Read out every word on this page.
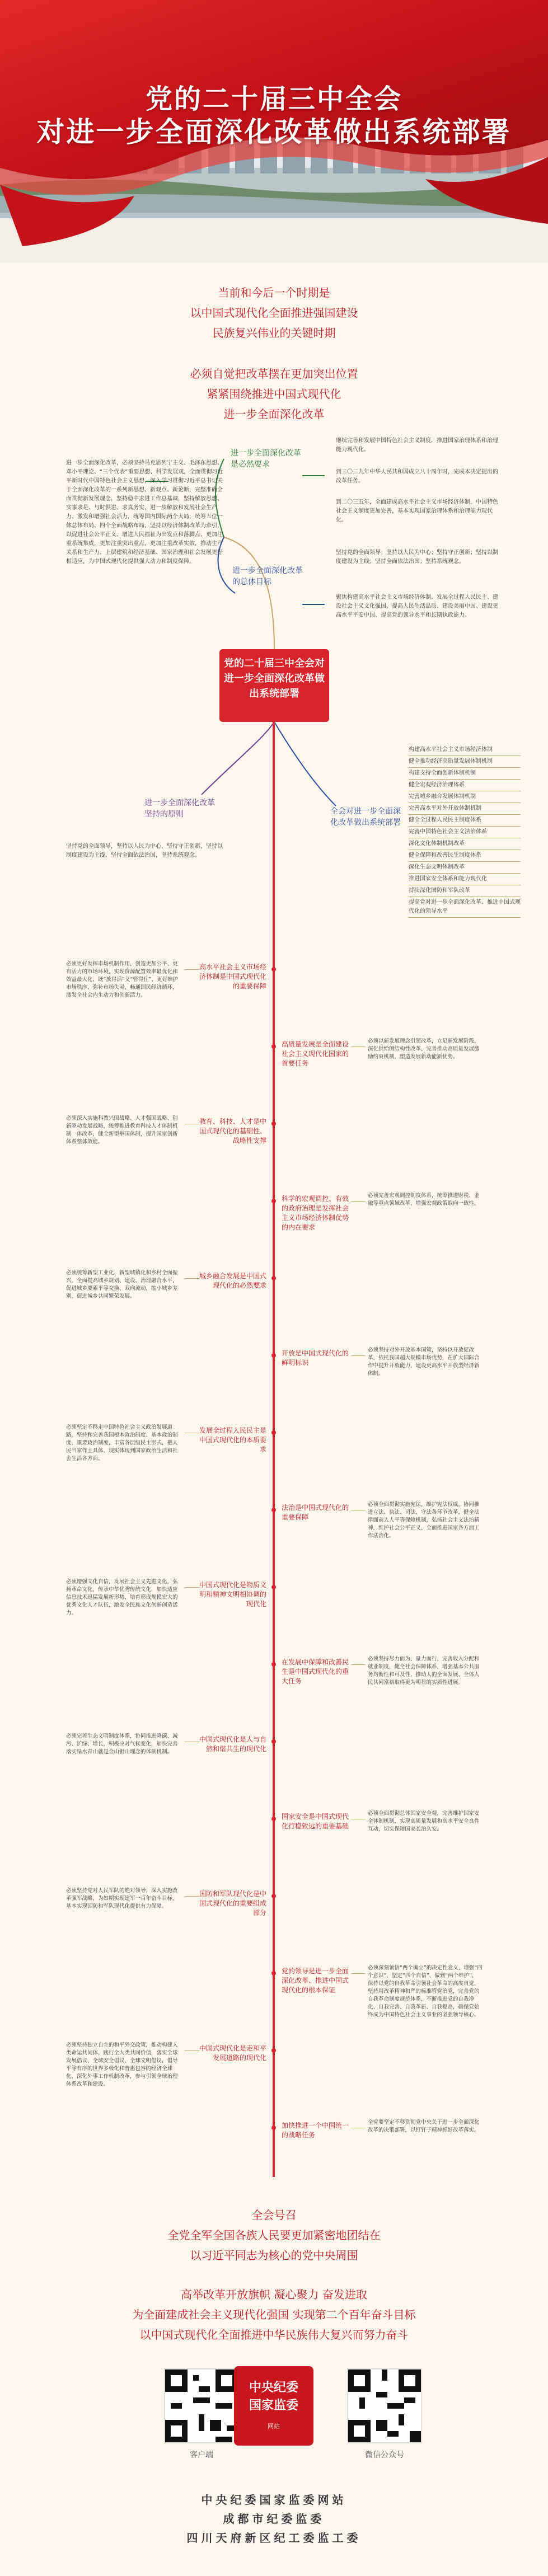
党的二十届三中全会
对进一步全面深化改革做出系统部署
当前和今后一个时期是
以中国式现代化全面推进强国建设
民族复兴伟业的关键时期
必须自觉把改革摆在更加突出位置
紧紧围绕推进中国式现代化
进一步全面深化改革
进一步全面深化改革是必然要求
进一步全面深化改革的总体目标
进一步全面深化改革，必须坚持马克思列宁主义、毛泽东思想、邓小平理论、“三个代表”重要思想、科学发展观，全面贯彻习近平新时代中国特色社会主义思想，深入学习贯彻习近平总书记关于全面深化改革的一系列新思想、新观点、新论断，完整准确全面贯彻新发展理念，坚持稳中求进工作总基调，坚持解放思想、实事求是、与时俱进、求真务实，进一步解放和发展社会生产力、激发和增强社会活力，统筹国内国际两个大局，统筹五位一体总体布局、四个全面战略布局，坚持以经济体制改革为牵引，以促进社会公平正义、增进人民福祉为出发点和落脚点，更加注重系统集成，更加注重突出重点，更加注重改革实效，推动生产关系和生产力、上层建筑和经济基础、国家治理和社会发展更好相适应，为中国式现代化提供强大动力和制度保障。
继续完善和发展中国特色社会主义制度，推进国家治理体系和治理能力现代化。
到二〇二九年中华人民共和国成立八十周年时，完成本决定提出的改革任务。
到二〇三五年，全面建成高水平社会主义市场经济体制，中国特色社会主义制度更加完善，基本实现国家治理体系和治理能力现代化。
坚持党的全面领导；坚持以人民为中心；坚持守正创新；坚持以制度建设为主线；坚持全面依法治国；坚持系统观念。
聚焦构建高水平社会主义市场经济体制、发展全过程人民民主、建设社会主义文化强国、提高人民生活品质、建设美丽中国、建设更高水平平安中国、提高党的领导水平和长期执政能力。
党的二十届三中全会对进一步全面深化改革做出系统部署
进一步全面深化改革坚持的原则
坚持党的全面领导，坚持以人民为中心，坚持守正创新，坚持以制度建设为主线，坚持全面依法治国，坚持系统观念。
全会对进一步全面深化改革做出系统部署
构建高水平社会主义市场经济体制
健全推动经济高质量发展体制机制
构建支持全面创新体制机制
健全宏观经济治理体系
完善城乡融合发展体制机制
完善高水平对外开放体制机制
健全全过程人民民主制度体系
完善中国特色社会主义法治体系
深化文化体制机制改革
健全保障和改善民生制度体系
深化生态文明体制改革
推进国家安全体系和能力现代化
持续深化国防和军队改革
提高党对进一步全面深化改革、推进中国式现代化的领导水平
高水平社会主义市场经济体制是中国式现代化的重要保障
必须更好发挥市场机制作用，创造更加公平、更有活力的市场环境，实现资源配置效率最优化和效益最大化，既“放得活”又“管得住”，更好维护市场秩序、弥补市场失灵，畅通国民经济循环，激发全社会内生动力和创新活力。
高质量发展是全面建设社会主义现代化国家的首要任务
必须以新发展理念引领改革，立足新发展阶段，深化供给侧结构性改革，完善推动高质量发展激励约束机制，塑造发展新动能新优势。
教育、科技、人才是中国式现代化的基础性、战略性支撑
必须深入实施科教兴国战略、人才强国战略、创新驱动发展战略，统筹推进教育科技人才体制机制一体改革，健全新型举国体制，提升国家创新体系整体效能。
科学的宏观调控、有效的政府治理是发挥社会主义市场经济体制优势的内在要求
必须完善宏观调控制度体系，统筹推进财税、金融等重点领域改革，增强宏观政策取向一致性。
城乡融合发展是中国式现代化的必然要求
必须统筹新型工业化、新型城镇化和乡村全面振兴，全面提高城乡规划、建设、治理融合水平，促进城乡要素平等交换、双向流动，缩小城乡差别，促进城乡共同繁荣发展。
开放是中国式现代化的鲜明标识
必须坚持对外开放基本国策，坚持以开放促改革，依托我国超大规模市场优势，在扩大国际合作中提升开放能力，建设更高水平开放型经济新体制。
发展全过程人民民主是中国式现代化的本质要求
必须坚定不移走中国特色社会主义政治发展道路，坚持和完善我国根本政治制度、基本政治制度、重要政治制度，丰富各层级民主形式，把人民当家作主具体、现实体现到国家政治生活和社会生活各方面。
法治是中国式现代化的重要保障
必须全面贯彻实施宪法，维护宪法权威，协同推进立法、执法、司法、守法各环节改革，健全法律面前人人平等保障机制，弘扬社会主义法治精神，维护社会公平正义，全面推进国家各方面工作法治化。
中国式现代化是物质文明和精神文明相协调的现代化
必须增强文化自信，发展社会主义先进文化，弘扬革命文化，传承中华优秀传统文化，加快适应信息技术迅猛发展新形势，培育形成规模宏大的优秀文化人才队伍，激发全民族文化创新创造活力。
在发展中保障和改善民生是中国式现代化的重大任务
必须坚持尽力而为、量力而行，完善收入分配和就业制度，健全社会保障体系，增强基本公共服务均衡性和可及性，推动人的全面发展、全体人民共同富裕取得更为明显的实质性进展。
中国式现代化是人与自然和谐共生的现代化
必须完善生态文明制度体系，协同推进降碳、减污、扩绿、增长，积极应对气候变化，加快完善落实绿水青山就是金山银山理念的体制机制。
国家安全是中国式现代化行稳致远的重要基础
必须全面贯彻总体国家安全观，完善维护国家安全体制机制，实现高质量发展和高水平安全良性互动，切实保障国家长治久安。
国防和军队现代化是中国式现代化的重要组成部分
必须坚持党对人民军队的绝对领导，深入实施改革强军战略，为如期实现建军一百年奋斗目标、基本实现国防和军队现代化提供有力保障。
党的领导是进一步全面深化改革、推进中国式现代化的根本保证
必须深刻领悟“两个确立”的决定性意义，增强“四个意识”、坚定“四个自信”、做到“两个维护”，保持以党的自我革命引领社会革命的高度自觉，坚持用改革精神和严的标准管党治党，完善党的自我革命制度规范体系，不断推进党的自我净化、自我完善、自我革新、自我提高，确保党始终成为中国特色社会主义事业的坚强领导核心。
中国式现代化是走和平发展道路的现代化
必须坚持独立自主的和平外交政策，推动构建人类命运共同体，践行全人类共同价值，落实全球发展倡议、全球安全倡议、全球文明倡议，倡导平等有序的世界多极化和普惠包容的经济全球化，深化外事工作机制改革，参与引领全球治理体系改革和建设。
加快推进一个中国统一的战略任务
全党要坚定不移贯彻党中央关于进一步全面深化改革的决策部署，以钉钉子精神抓好改革落实。
全会号召
全党全军全国各族人民要更加紧密地团结在
以习近平同志为核心的党中央周围
高举改革开放旗帜 凝心聚力 奋发进取
为全面建成社会主义现代化强国 实现第二个百年奋斗目标
以中国式现代化全面推进中华民族伟大复兴而努力奋斗
客户端
中央纪委
国家监委
网站
微信公众号
中央纪委国家监委网站
成都市纪委监委
四川天府新区纪工委监工委
